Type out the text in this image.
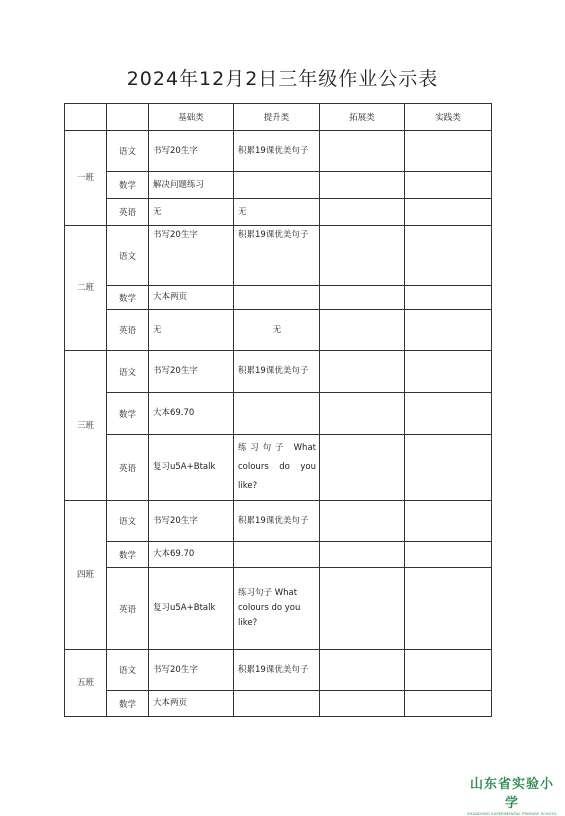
2024年12月2日三年级作业公示表
		基础类	提升类	拓展类	实践类
一班	语文	书写20生字	积累19课优美句子		
	数学	解决问题练习			
	英语	无	无		
二班	语文	书写20生字	积累19课优美句子		
	数学	大本两页			
	英语	无	无		
三班	语文	书写20生字	积累19课优美句子		
	数学	大本69.70			
	英语	复习u5A+Btalk	练习句子 What colours do you like?		
四班	语文	书写20生字	积累19课优美句子		
	数学	大本69.70			
	英语	复习u5A+Btalk	练习句子 What colours do you like?		
五班	语文	书写20生字	积累19课优美句子		
	数学	大本两页			
山东省实验小学
SHANDONG EXPERIMENTAL PRIMARY SCHOOL
